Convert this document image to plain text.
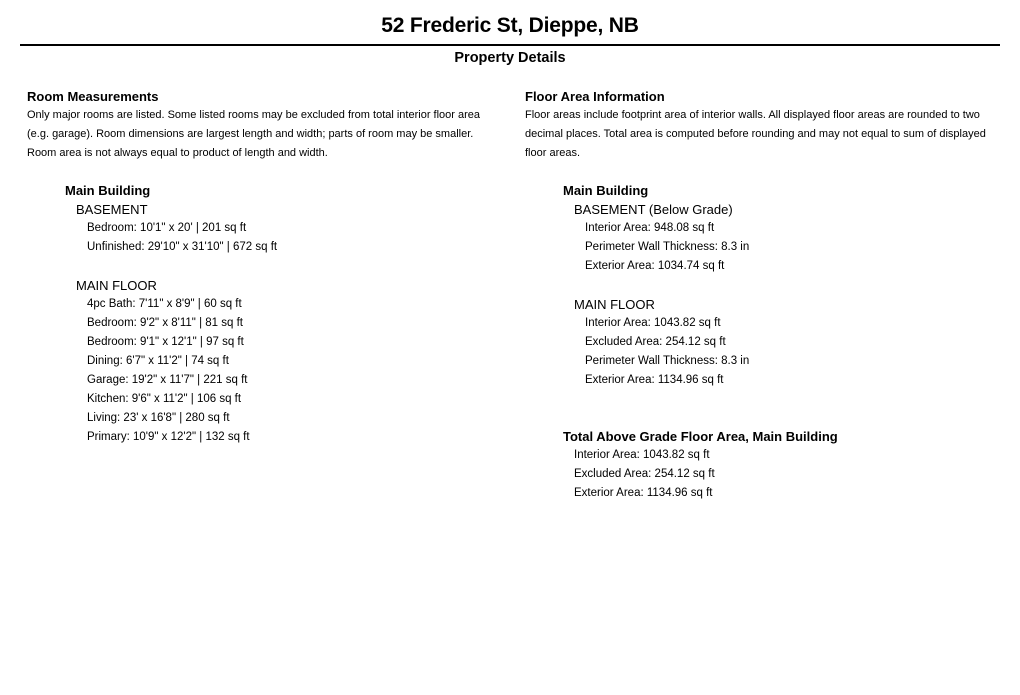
52 Frederic St, Dieppe, NB
Property Details
Room Measurements
Only major rooms are listed. Some listed rooms may be excluded from total interior floor area (e.g. garage). Room dimensions are largest length and width; parts of room may be smaller. Room area is not always equal to product of length and width.
Main Building
BASEMENT
Bedroom: 10'1" x 20' | 201 sq ft
Unfinished: 29'10" x 31'10" | 672 sq ft
MAIN FLOOR
4pc Bath: 7'11" x 8'9" | 60 sq ft
Bedroom: 9'2" x 8'11" | 81 sq ft
Bedroom: 9'1" x 12'1" | 97 sq ft
Dining: 6'7" x 11'2" | 74 sq ft
Garage: 19'2" x 11'7" | 221 sq ft
Kitchen: 9'6" x 11'2" | 106 sq ft
Living: 23' x 16'8" | 280 sq ft
Primary: 10'9" x 12'2" | 132 sq ft
Floor Area Information
Floor areas include footprint area of interior walls. All displayed floor areas are rounded to two decimal places. Total area is computed before rounding and may not equal to sum of displayed floor areas.
Main Building
BASEMENT (Below Grade)
Interior Area: 948.08 sq ft
Perimeter Wall Thickness: 8.3 in
Exterior Area: 1034.74 sq ft
MAIN FLOOR
Interior Area: 1043.82 sq ft
Excluded Area: 254.12 sq ft
Perimeter Wall Thickness: 8.3 in
Exterior Area: 1134.96 sq ft
Total Above Grade Floor Area, Main Building
Interior Area: 1043.82 sq ft
Excluded Area: 254.12 sq ft
Exterior Area: 1134.96 sq ft
